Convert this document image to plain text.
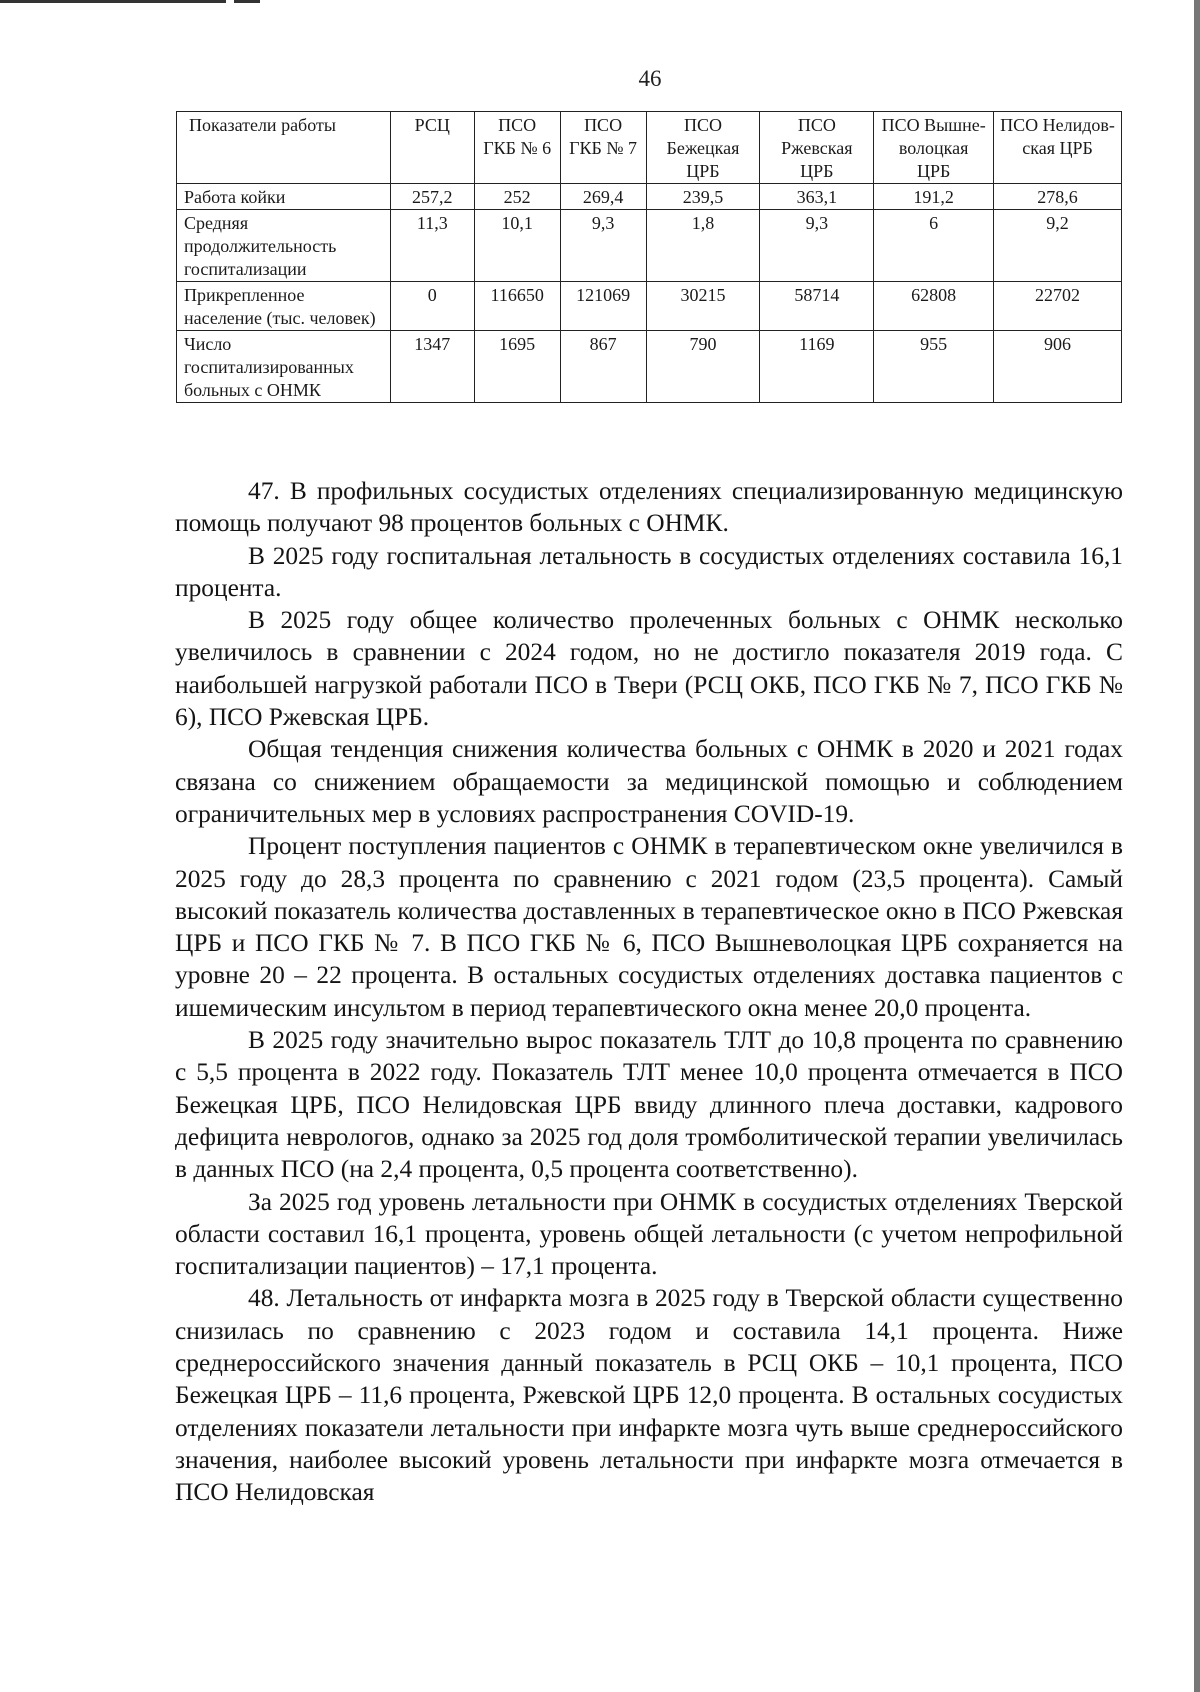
46
Показатели работы	РСЦ	ПСО ГКБ № 6	ПСО ГКБ № 7	ПСО Бежецкая ЦРБ	ПСО Ржевская ЦРБ	ПСО Вышне-волоцкая ЦРБ	ПСО Нелидов-ская ЦРБ
Работа койки	257,2	252	269,4	239,5	363,1	191,2	278,6
Средняя продолжительность госпитализации	11,3	10,1	9,3	1,8	9,3	6	9,2
Прикрепленное население (тыс. человек)	0	116650	121069	30215	58714	62808	22702
Число госпитализированных больных с ОНМК	1347	1695	867	790	1169	955	906

47. В профильных сосудистых отделениях специализированную медицинскую помощь получают 98 процентов больных с ОНМК.

В 2025 году госпитальная летальность в сосудистых отделениях составила 16,1 процента.

В 2025 году общее количество пролеченных больных с ОНМК несколько увеличилось в сравнении с 2024 годом, но не достигло показателя 2019 года. С наибольшей нагрузкой работали ПСО в Твери (РСЦ ОКБ, ПСО ГКБ № 7, ПСО ГКБ № 6), ПСО Ржевская ЦРБ.

Общая тенденция снижения количества больных с ОНМК в 2020 и 2021 годах связана со снижением обращаемости за медицинской помощью и соблюдением ограничительных мер в условиях распространения COVID-19.

Процент поступления пациентов с ОНМК в терапевтическом окне увеличился в 2025 году до 28,3 процента по сравнению с 2021 годом (23,5 процента). Самый высокий показатель количества доставленных в терапевтическое окно в ПСО Ржевская ЦРБ и ПСО ГКБ № 7. В ПСО ГКБ № 6, ПСО Вышневолоцкая ЦРБ сохраняется на уровне 20 – 22 процента. В остальных сосудистых отделениях доставка пациентов с ишемическим инсультом в период терапевтического окна менее 20,0 процента.

В 2025 году значительно вырос показатель ТЛТ до 10,8 процента по сравнению с 5,5 процента в 2022 году. Показатель ТЛТ менее 10,0 процента отмечается в ПСО Бежецкая ЦРБ, ПСО Нелидовская ЦРБ ввиду длинного плеча доставки, кадрового дефицита неврологов, однако за 2025 год доля тромболитической терапии увеличилась в данных ПСО (на 2,4 процента, 0,5 процента соответственно).

За 2025 год уровень летальности при ОНМК в сосудистых отделениях Тверской области составил 16,1 процента, уровень общей летальности (с учетом непрофильной госпитализации пациентов) – 17,1 процента.

48. Летальность от инфаркта мозга в 2025 году в Тверской области существенно снизилась по сравнению с 2023 годом и составила 14,1 процента. Ниже среднероссийского значения данный показатель в РСЦ ОКБ – 10,1 процента, ПСО Бежецкая ЦРБ – 11,6 процента, Ржевской ЦРБ 12,0 процента. В остальных сосудистых отделениях показатели летальности при инфаркте мозга чуть выше среднероссийского значения, наиболее высокий уровень летальности при инфаркте мозга отмечается в ПСО Нелидовская
